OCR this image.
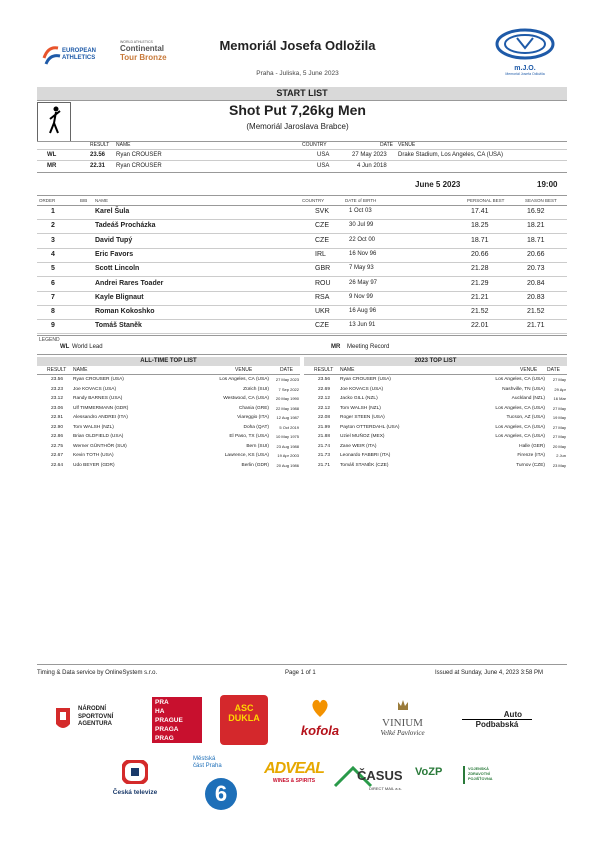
EUROPEAN ATHLETICS
WORLD ATHLETICS
Continental
Tour Bronze
Memoriál Josefa Odložila
Praha - Juliska, 5 June 2023
m.J.O.
Memoriál Josefa Odložila
START LIST
Shot Put 7,26kg Men
(Memoriál Jaroslava Brabce)
RESULT NAME	COUNTRY	DATE VENUE
WL	23.56 Ryan CROUSER	USA	27 May 2023 Drake Stadium, Los Angeles, CA (USA)
MR	22.31 Ryan CROUSER	USA	4 Jun 2018
June 5 2023	19:00
ORDER	BIB NAME	COUNTRY	DATE of BIRTH	PERSONAL BEST	SEASON BEST
1	Karel Šula	SVK	1 Oct 03	17.41	16.92
2	Tadeáš Procházka	CZE	30 Jul 99	18.25	18.21
3	David Tupý	CZE	22 Oct 00	18.71	18.71
4	Eric Favors	IRL	16 Nov 96	20.66	20.66
5	Scott Lincoln	GBR	7 May 93	21.28	20.73
6	Andrei Rares Toader	ROU	26 May 97	21.29	20.84
7	Kayle Blignaut	RSA	9 Nov 99	21.21	20.83
8	Roman Kokoshko	UKR	16 Aug 96	21.52	21.52
9	Tomáš Staněk	CZE	13 Jun 91	22.01	21.71
LEGEND
WL World Lead	MR Meeting Record
ALL-TIME TOP LIST
RESULT NAME	VENUE	DATE
23.56 Ryan CROUSER (USA)	Los Angeles, CA (USA) 27 May 2023
23.23 Joe KOVACS (USA)	Zürich (SUI) 7 Sep 2022
23.12 Randy BARNES (USA)	Westwood, CA (USA) 20 May 1990
23.06 Ulf TIMMERMANN (GDR)	Chania (GRE) 22 May 1988
22.91 Alessandro ANDREI (ITA)	Viareggio (ITA) 12 Aug 1987
22.90 Tom WALSH (NZL)	Doha (QAT)	5 Oct 2019
22.86 Brian OLDFIELD (USA)	El Paso, TX (USA) 10 May 1975
22.75 Werner GÜNTHÖR (SUI)	Bern (SUI) 23 Aug 1988
22.67 Kevin TOTH (USA)	Lawrence, KS (USA) 19 Apr 2003
22.64 Udo BEYER (GDR)	Berlin (GDR) 20 Aug 1986
2023 TOP LIST
RESULT NAME	VENUE DATE
23.56 Ryan CROUSER (USA)	Los Angeles, CA (USA) 27 May
22.69 Joe KOVACS (USA)	Nashville, TN (USA) 29 Apr
22.12 Jacko GILL (NZL)	Auckland (NZL) 16 Mar
22.12 Tom WALSH (NZL)	Los Angeles, CA (USA) 27 May
22.08 Roger STEEN (USA)	Tucson, AZ (USA) 19 May
21.99 Payton OTTERDAHL (USA)	Los Angeles, CA (USA) 27 May
21.88 Uziel MUÑOZ (MEX)	Los Angeles, CA (USA) 27 May
21.74 Zane WEIR (ITA)	Halle (GER) 20 May
21.73 Leonardo FABBRI (ITA)	Firenze (ITA)	2 Jun
21.71 Tomáš STANĚK (CZE)	Turnov (CZE) 23 May
Timing & Data service by OnlineSystem s.r.o.	Page 1 of 1	Issued at Sunday, June 4, 2023 3:58 PM
NÁRODNÍ SPORTOVNÍ AGENTURA
PRA
HA
PRAGUE
PRAGA
PRAG
ASC
DUKLA
kofola	VINIUM
Velké Pavlovice
Auto
Podbabská
Česká televize
Městská část Praha
6
ADVEAL
WINES & SPIRITS	ČASUS
DIRECT MAIL a.s.
VoZP	VOJENSKÁ ZDRAVOTNÍ POJIŠŤOVNA
